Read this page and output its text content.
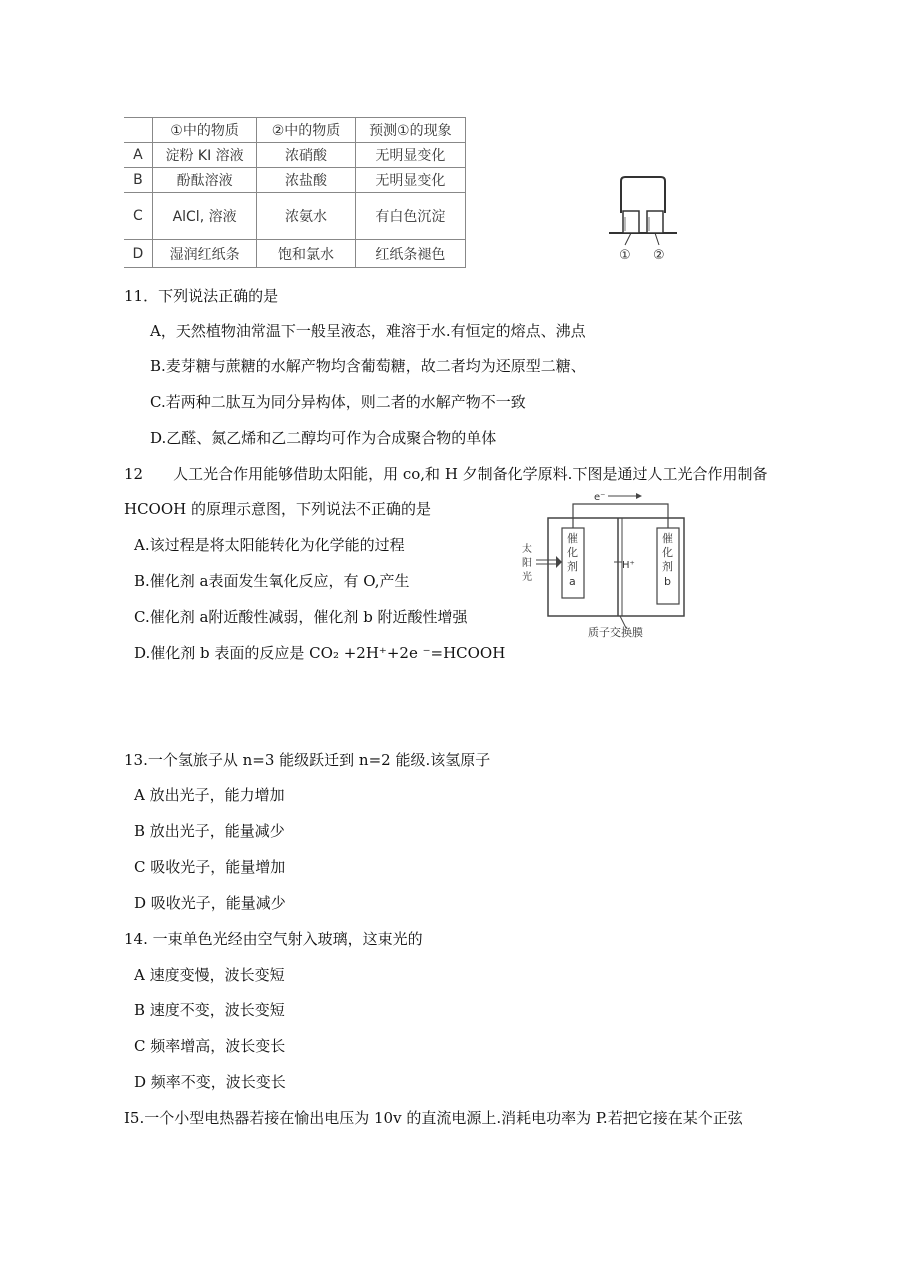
	①中的物质	②中的物质	预测①的现象
A	淀粉 KI 溶液	浓硝酸	无明显变化
B	酚酞溶液	浓盐酸	无明显变化
C	AlCl, 溶液	浓氨水	有白色沉淀
D	湿润红纸条	饱和氯水	红纸条褪色	① ②
11．下列说法正确的是
A，天然植物油常温下一般呈液态，难溶于水.有恒定的熔点、沸点
B.麦芽糖与蔗糖的水解产物均含葡萄糖，故二者均为还原型二糖、
C.若两种二肽互为同分异构体，则二者的水解产物不一致
D.乙醛、氮乙烯和乙二醇均可作为合成聚合物的单体
12　　人工光合作用能够借助太阳能，用 co,和 H 夕制备化学原料.下图是通过人工光合作用制备
HCOOH 的原理示意图，下列说法不正确的是
A.该过程是将太阳能转化为化学能的过程
B.催化剂 a表面发生氧化反应，有 O,产生
C.催化剂 a附近酸性减弱，催化剂 b 附近酸性增强
D.催化剂 b 表面的反应是 CO₂ +2H⁺+2e ⁻=HCOOH
e⁻
催
化
剂
a
催
化
剂
b
太
阳
光
H⁺
质子交换膜
13.一个氢旅子从 n=3 能级跃迁到 n=2 能级.该氢原子
A 放出光子，能力增加
B 放出光子，能量减少
C 吸收光子，能量增加
D 吸收光子，能量减少
14. 一束单色光经由空气射入玻璃，这束光的
A 速度变慢，波长变短
B 速度不变，波长变短
C 频率增高，波长变长
D 频率不变，波长变长
I5.一个小型电热器若接在愉出电压为 10v 的直流电源上.消耗电功率为 P.若把它接在某个正弦
